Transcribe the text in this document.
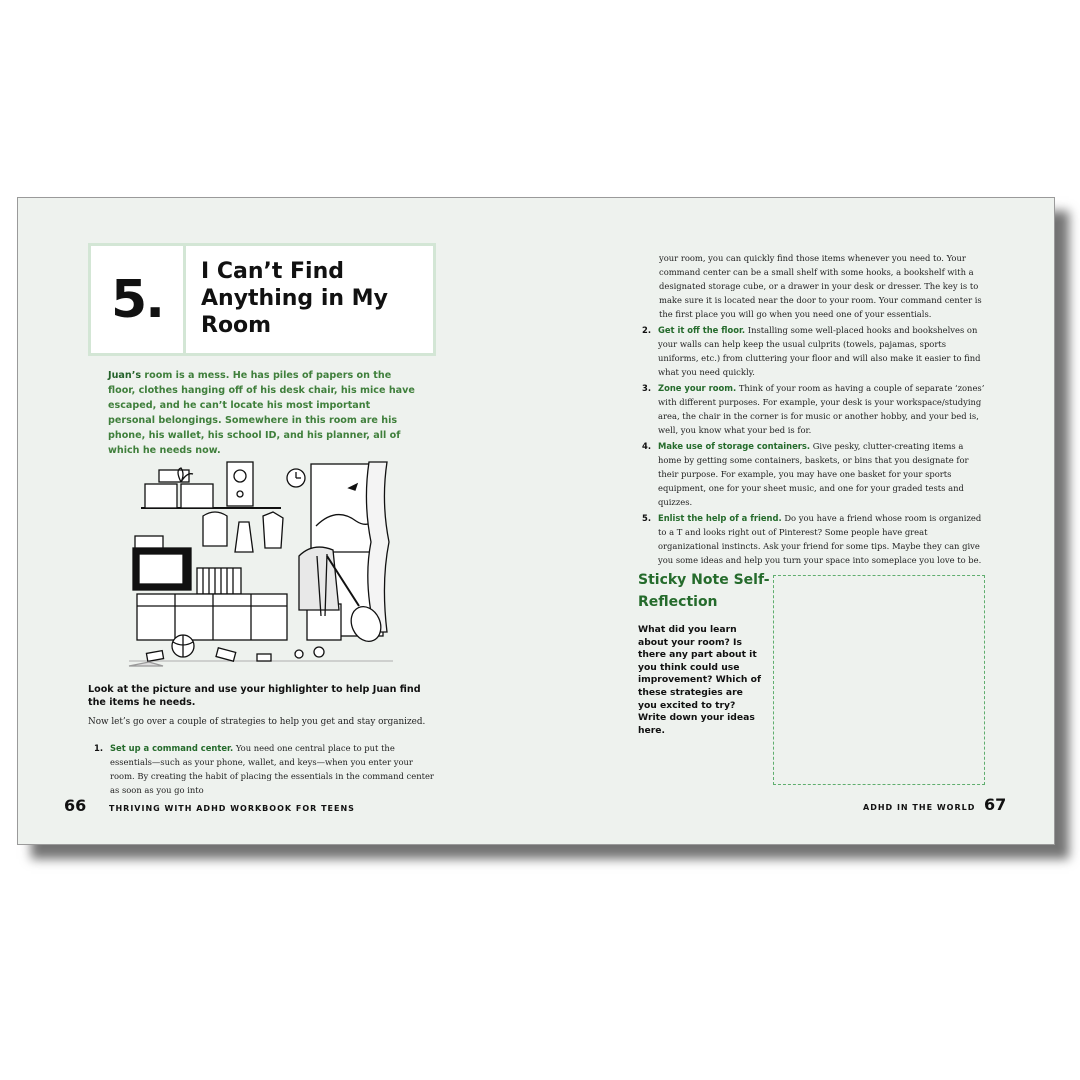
5.	I Can’t Find Anything in My Room
Juan’s room is a mess. He has piles of papers on the floor, clothes hanging off of his desk chair, his mice have escaped, and he can’t locate his most important personal belongings. Somewhere in this room are his phone, his wallet, his school ID, and his planner, all of which he needs now.
Look at the picture and use your highlighter to help Juan find the items he needs.
Now let’s go over a couple of strategies to help you get and stay organized.
1. Set up a command center. You need one central place to put the essentials—such as your phone, wallet, and keys—when you enter your room. By creating the habit of placing the essentials in the command center as soon as you go into
66	THRIVING WITH ADHD WORKBOOK FOR TEENS
your room, you can quickly find those items whenever you need to. Your command center can be a small shelf with some hooks, a bookshelf with a designated storage cube, or a drawer in your desk or dresser. The key is to make sure it is located near the door to your room. Your command center is the first place you will go when you need one of your essentials.
2. Get it off the floor. Installing some well-placed hooks and bookshelves on your walls can help keep the usual culprits (towels, pajamas, sports uniforms, etc.) from cluttering your floor and will also make it easier to find what you need quickly.
3. Zone your room. Think of your room as having a couple of separate ‘zones’ with different purposes. For example, your desk is your workspace/studying area, the chair in the corner is for music or another hobby, and your bed is, well, you know what your bed is for.
4. Make use of storage containers. Give pesky, clutter-creating items a home by getting some containers, baskets, or bins that you designate for their purpose. For example, you may have one basket for your sports equipment, one for your sheet music, and one for your graded tests and quizzes.
5. Enlist the help of a friend. Do you have a friend whose room is organized to a T and looks right out of Pinterest? Some people have great organizational instincts. Ask your friend for some tips. Maybe they can give you some ideas and help you turn your space into someplace you love to be.
Sticky Note Self-Reflection
What did you learn about your room? Is there any part about it you think could use improvement? Which of these strategies are you excited to try? Write down your ideas here.
ADHD IN THE WORLD 67
